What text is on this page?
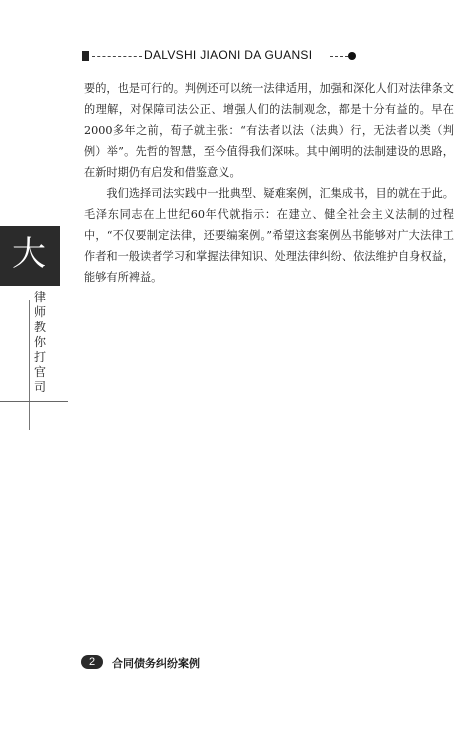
DALVSHI JIAONI DA GUANSI

要的，也是可行的。判例还可以统一法律适用，加强和深化人们对法律条文的理解，对保障司法公正、增强人们的法制观念，都是十分有益的。早在2000多年之前，荀子就主张：“有法者以法（法典）行，无法者以类（判例）举”。先哲的智慧，至今值得我们深味。其中阐明的法制建设的思路，在新时期仍有启发和借鉴意义。

我们选择司法实践中一批典型、疑难案例，汇集成书，目的就在于此。毛泽东同志在上世纪60年代就指示：在建立、健全社会主义法制的过程中，“不仅要制定法律，还要编案例。”希望这套案例丛书能够对广大法律工作者和一般读者学习和掌握法律知识、处理法律纠纷、依法维护自身权益，能够有所裨益。

大
律
师
教
你
打
官
司
2	合同债务纠纷案例
